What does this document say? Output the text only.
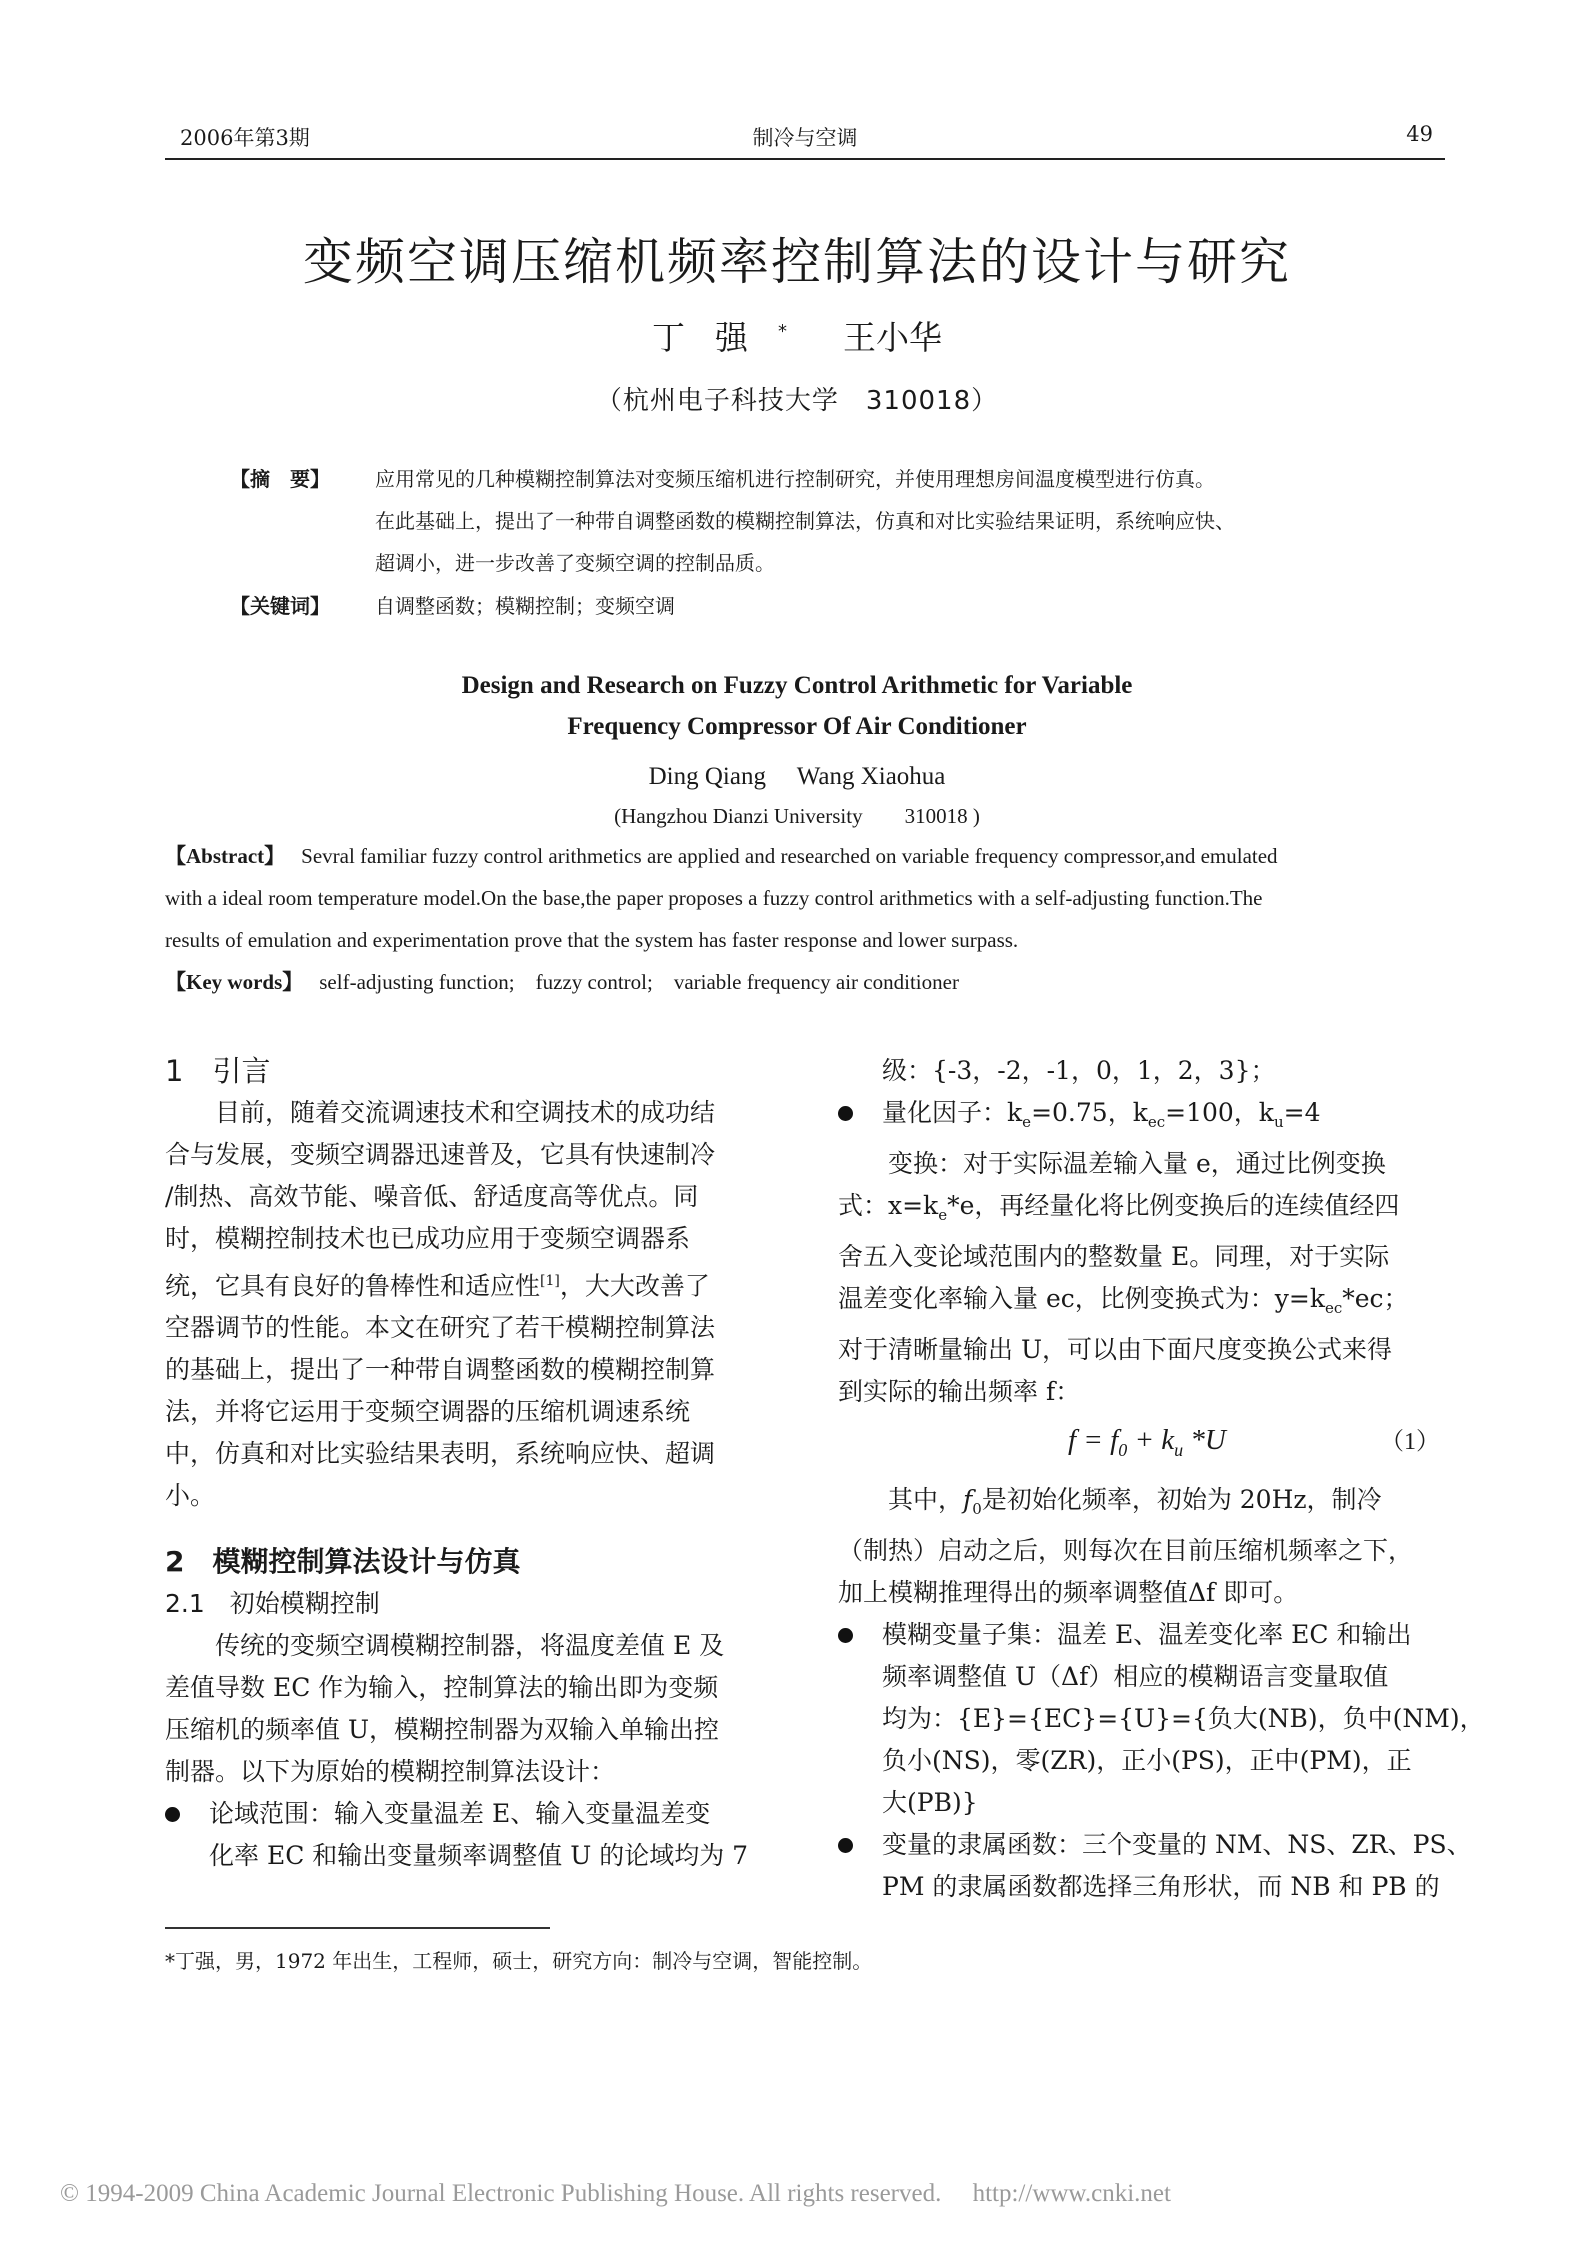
2006年第3期	制冷与空调	49
变频空调压缩机频率控制算法的设计与研究
丁强* 王小华
（杭州电子科技大学　310018）
【摘　要】	应用常见的几种模糊控制算法对变频压缩机进行控制研究，并使用理想房间温度模型进行仿真。
在此基础上，提出了一种带自调整函数的模糊控制算法，仿真和对比实验结果证明，系统响应快、
超调小，进一步改善了变频空调的控制品质。
【关键词】	自调整函数；模糊控制；变频空调
Design and Research on Fuzzy Control Arithmetic for Variable
Frequency Compressor Of Air Conditioner
Ding Qiang　 Wang Xiaohua
(Hangzhou Dianzi University　　310018 )
【Abstract】 Sevral familiar fuzzy control arithmetics are applied and researched on variable frequency compressor,and emulated
with a ideal room temperature model.On the base,the paper proposes a fuzzy control arithmetics with a self-adjusting function.The
results of emulation and experimentation prove that the system has faster response and lower surpass.
【Key words】 self-adjusting function;　fuzzy control;　variable frequency air conditioner
1　引言
目前，随着交流调速技术和空调技术的成功结
合与发展，变频空调器迅速普及，它具有快速制冷
/制热、高效节能、噪音低、舒适度高等优点。同
时，模糊控制技术也已成功应用于变频空调器系
统，它具有良好的鲁棒性和适应性[1]，大大改善了
空器调节的性能。本文在研究了若干模糊控制算法
的基础上，提出了一种带自调整函数的模糊控制算
法，并将它运用于变频空调器的压缩机调速系统
中，仿真和对比实验结果表明，系统响应快、超调
小。
2　模糊控制算法设计与仿真
2.1　初始模糊控制
传统的变频空调模糊控制器，将温度差值 E 及
差值导数 EC 作为输入，控制算法的输出即为变频
压缩机的频率值 U，模糊控制器为双输入单输出控
制器。以下为原始的模糊控制算法设计：
论域范围：输入变量温差 E、输入变量温差变
化率 EC 和输出变量频率调整值 U 的论域均为 7
级：{-3，-2，-1，0，1，2，3}；
量化因子：$k_e=0.75$，$k_{ec}=100$，$k_u=4$
变换：对于实际温差输入量 e，通过比例变换
式：$x=k_e*e$，再经量化将比例变换后的连续值经四
舍五入变论域范围内的整数量 E。同理，对于实际
温差变化率输入量 ec，比例变换式为：$y=k_{ec}*ec$；
对于清晰量输出 U，可以由下面尺度变换公式来得
到实际的输出频率 f：
$f = f_0 + k_u$ *U	（1）
其中，$f_0$是初始化频率，初始为 20Hz，制冷
（制热）启动之后，则每次在目前压缩机频率之下，
加上模糊推理得出的频率调整值Δf 即可。
模糊变量子集：温差 E、温差变化率 EC 和输出
频率调整值 U（Δf）相应的模糊语言变量取值
均为：{E}={EC}={U}={负大(NB)，负中(NM)，
负小(NS)，零(ZR)，正小(PS)，正中(PM)，正
大(PB)}
变量的隶属函数：三个变量的 NM、NS、ZR、PS、
PM 的隶属函数都选择三角形状，而 NB 和 PB 的
*丁强，男，1972 年出生，工程师，硕士，研究方向：制冷与空调，智能控制。
© 1994-2009 China Academic Journal Electronic Publishing House. All rights reserved.　 http://www.cnki.net
